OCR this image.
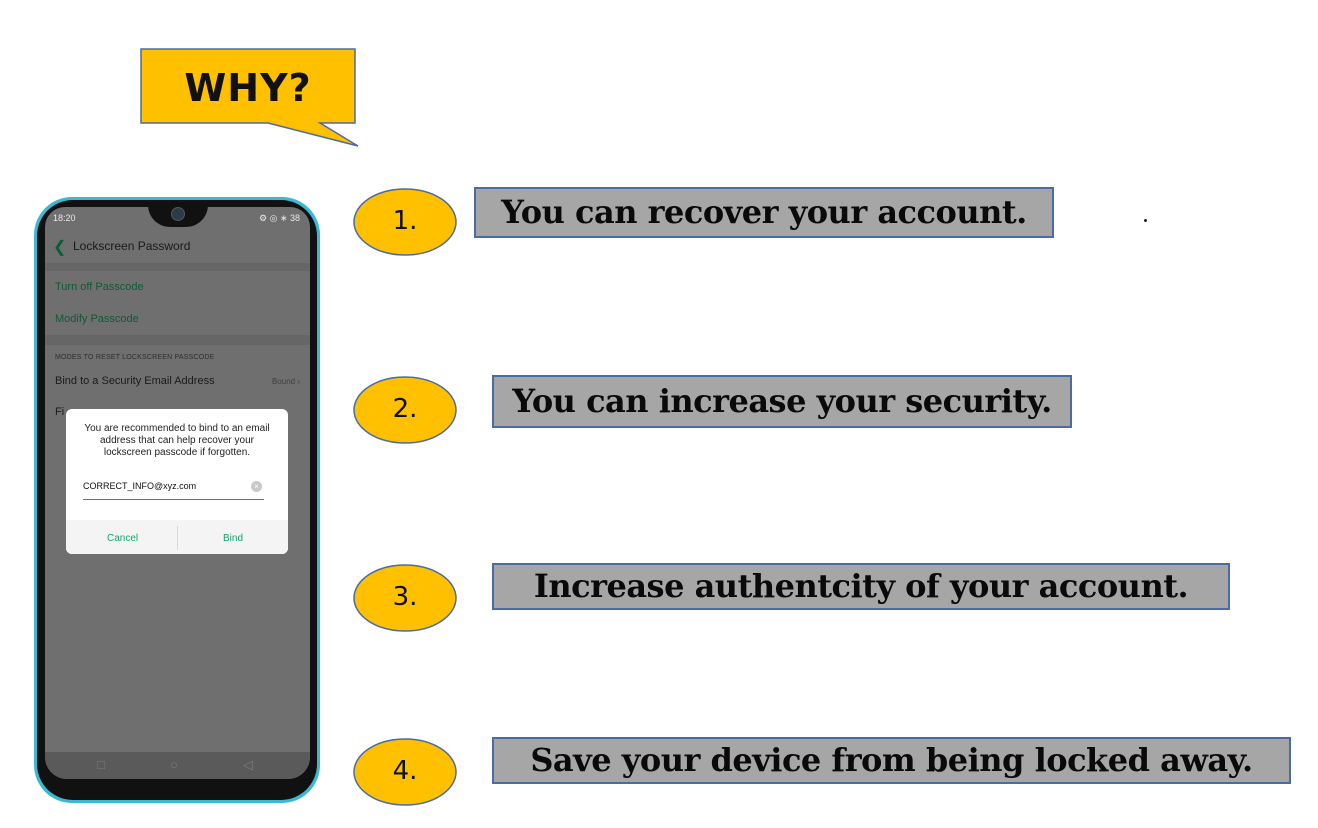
WHY?
18:20	⚙ ◎ ∗ 38
❮ Lockscreen Password
Turn off Passcode
Modify Passcode
MODES TO RESET LOCKSCREEN PASSCODE
Bind to a Security Email Address	Bound ›
Fi
You are recommended to bind to an email address that can help recover your lockscreen passcode if forgotten.
CORRECT_INFO@xyz.com	×
Cancel	Bind
□	○	◁
1.
2.
3.
4.
You can recover your account.
You can increase your security.
Increase authentcity of your account.
Save your device from being locked away.
